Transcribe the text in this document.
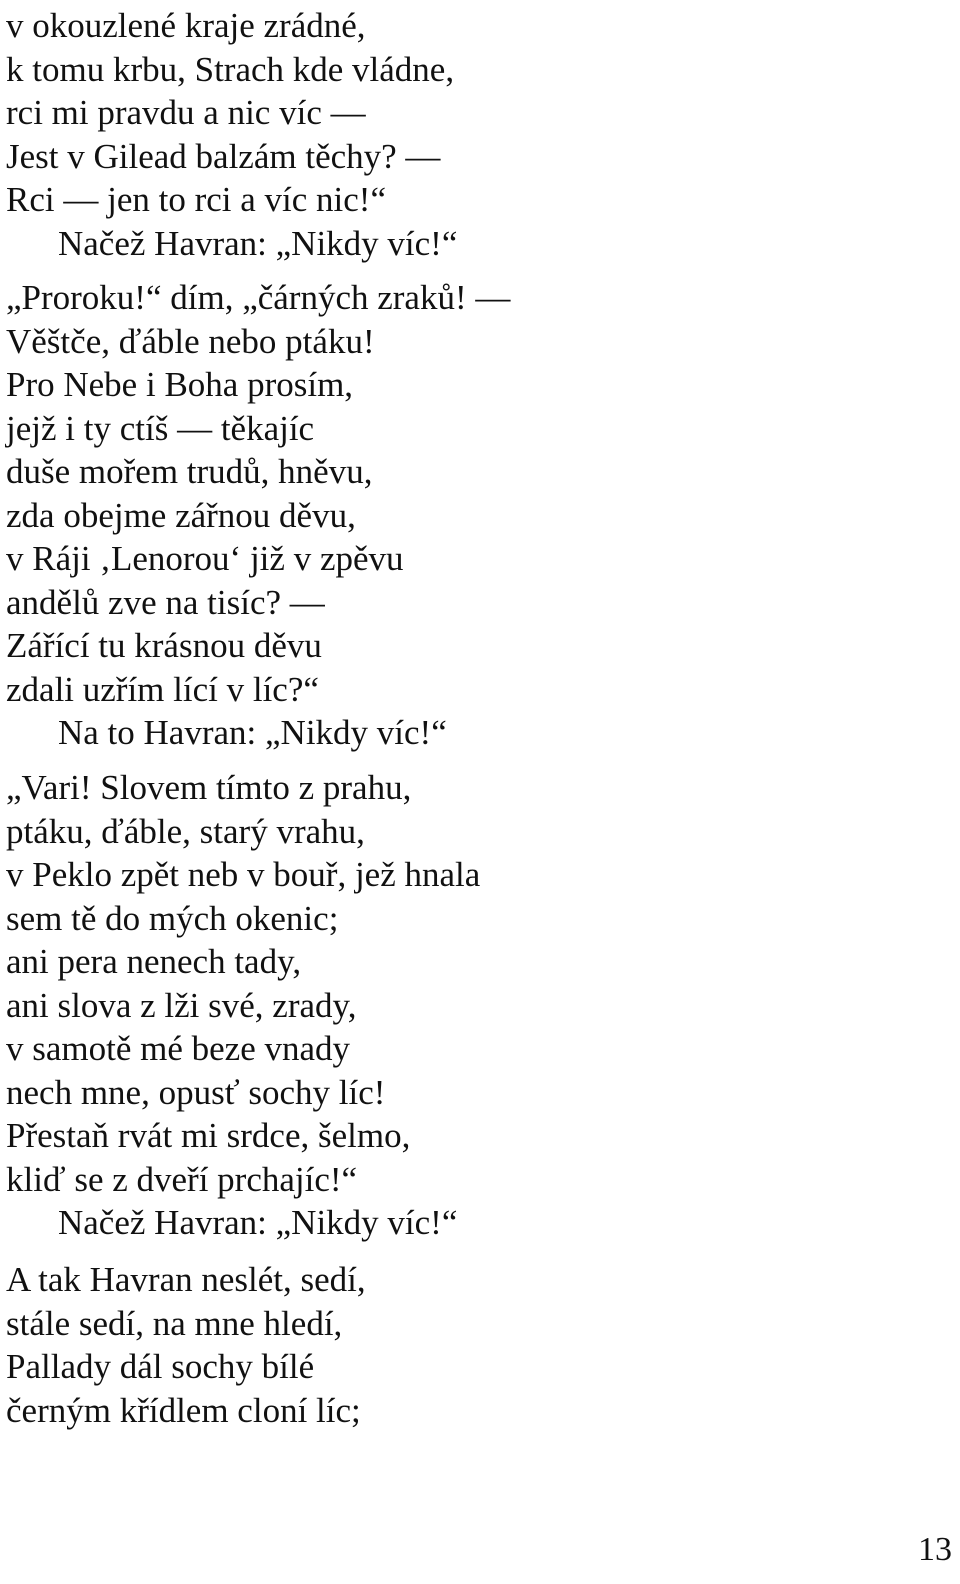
v okouzlené kraje zrádné,
k tomu krbu, Strach kde vládne,
rci mi pravdu a nic víc —
Jest v Gilead balzám těchy? —
Rci — jen to rci a víc nic!“
Načež Havran: „Nikdy víc!“
„Proroku!“ dím, „čárných zraků! —
Věštče, ďáble nebo ptáku!
Pro Nebe i Boha prosím,
jejž i ty ctíš — těkajíc
duše mořem trudů, hněvu,
zda obejme zářnou děvu,
v Ráji ‚Lenorou‘ již v zpěvu
andělů zve na tisíc? —
Zářící tu krásnou děvu
zdali uzřím lící v líc?“
Na to Havran: „Nikdy víc!“
„Vari! Slovem tímto z prahu,
ptáku, ďáble, starý vrahu,
v Peklo zpět neb v bouř, jež hnala
sem tě do mých okenic;
ani pera nenech tady,
ani slova z lži své, zrady,
v samotě mé beze vnady
nech mne, opusť sochy líc!
Přestaň rvát mi srdce, šelmo,
kliď se z dveří prchajíc!“
Načež Havran: „Nikdy víc!“
A tak Havran neslét, sedí,
stále sedí, na mne hledí,
Pallady dál sochy bílé
černým křídlem cloní líc;
13
